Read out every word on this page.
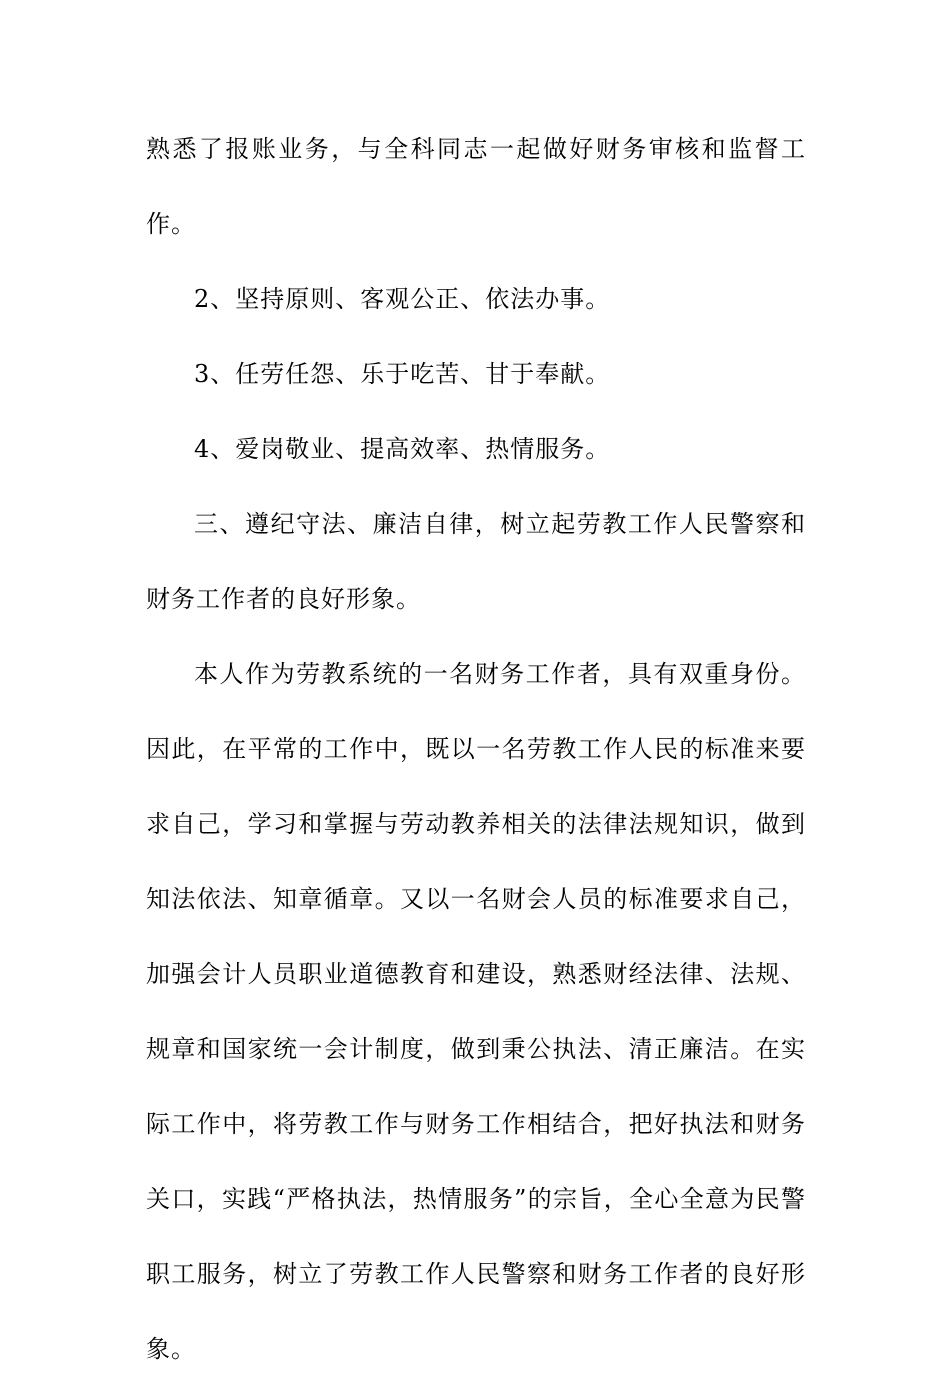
熟悉了报账业务，与全科同志一起做好财务审核和监督工作。

2、坚持原则、客观公正、依法办事。

3、任劳任怨、乐于吃苦、甘于奉献。

4、爱岗敬业、提高效率、热情服务。

三、遵纪守法、廉洁自律，树立起劳教工作人民警察和财务工作者的良好形象。

本人作为劳教系统的一名财务工作者，具有双重身份。因此，在平常的工作中，既以一名劳教工作人民的标准来要求自己，学习和掌握与劳动教养相关的法律法规知识，做到知法依法、知章循章。又以一名财会人员的标准要求自己，加强会计人员职业道德教育和建设，熟悉财经法律、法规、规章和国家统一会计制度，做到秉公执法、清正廉洁。在实际工作中，将劳教工作与财务工作相结合，把好执法和财务关口，实践“严格执法，热情服务”的宗旨，全心全意为民警职工服务，树立了劳教工作人民警察和财务工作者的良好形象。
